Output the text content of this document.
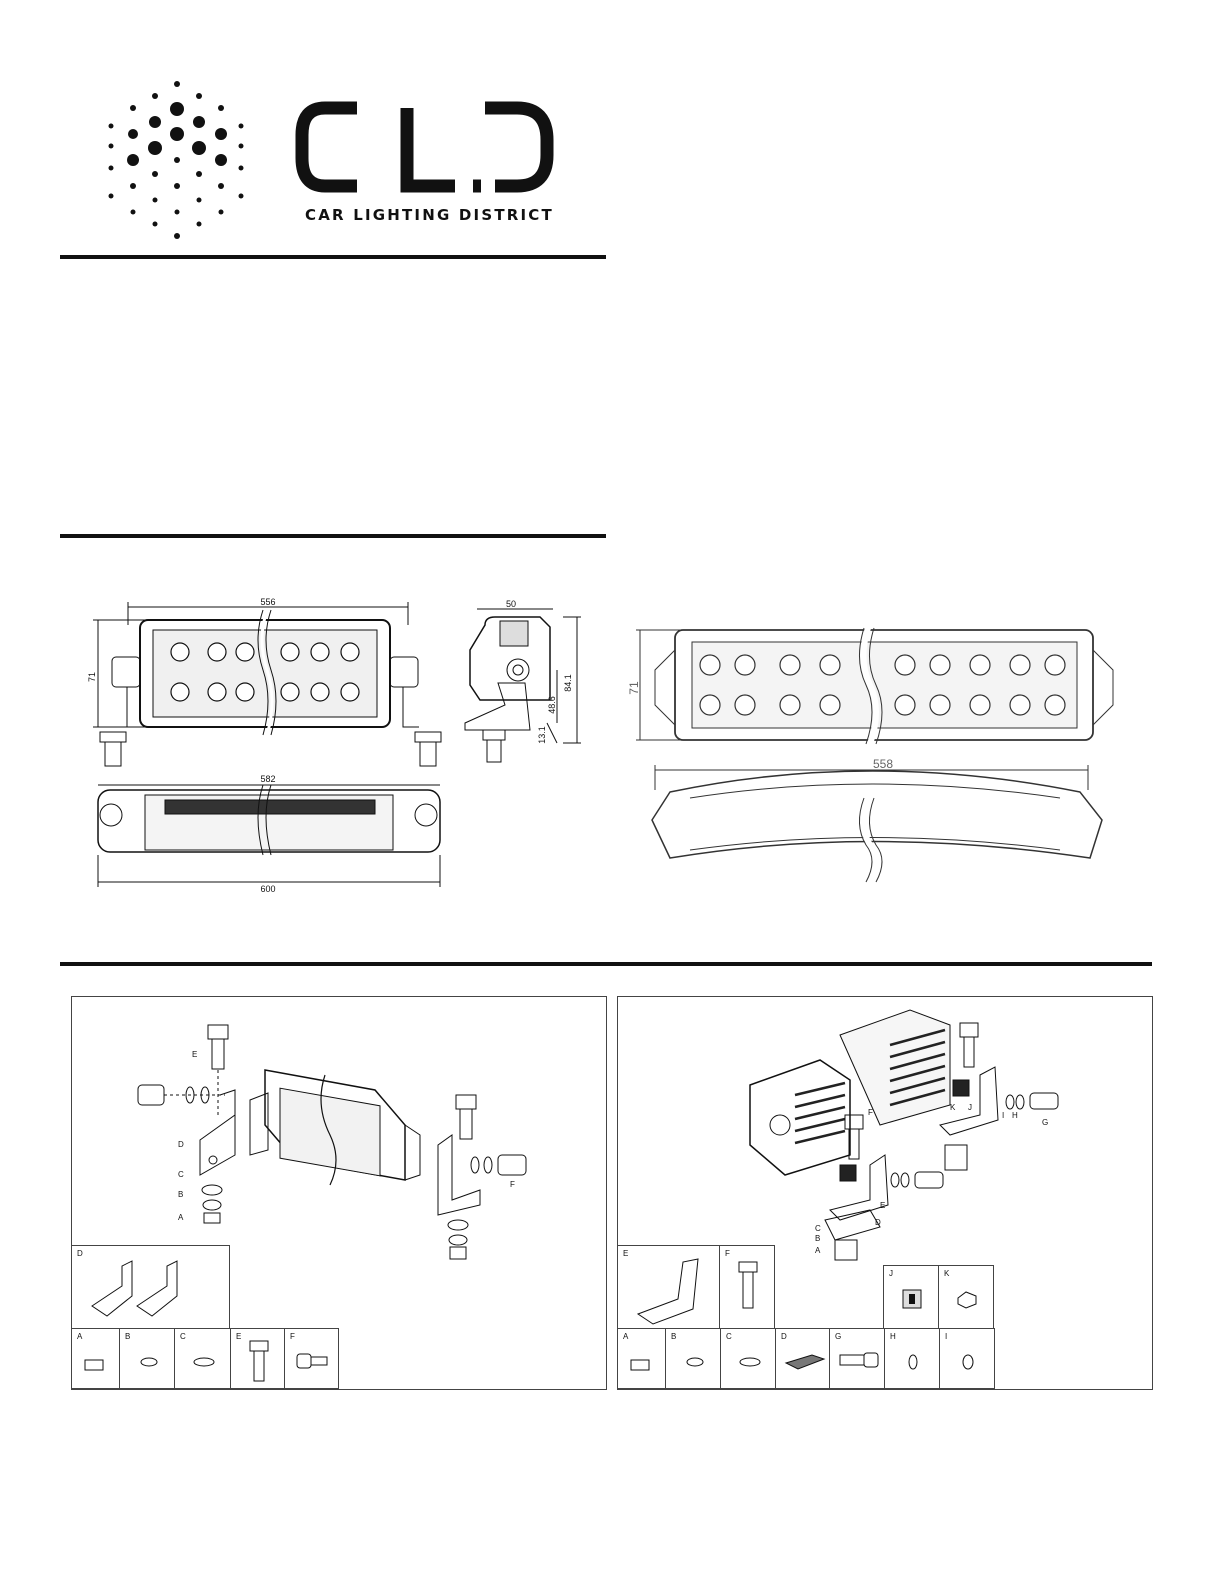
CAR LIGHTING DISTRICT
556
71
50
84.1
48.6
13.1
582
600
71
558
E
D
C
B
A
F
D
A	B	C	E	F
F
K J
I H
G
E
D
C
B
A
E	F
J	K
A	B	C	D	G	H	I
